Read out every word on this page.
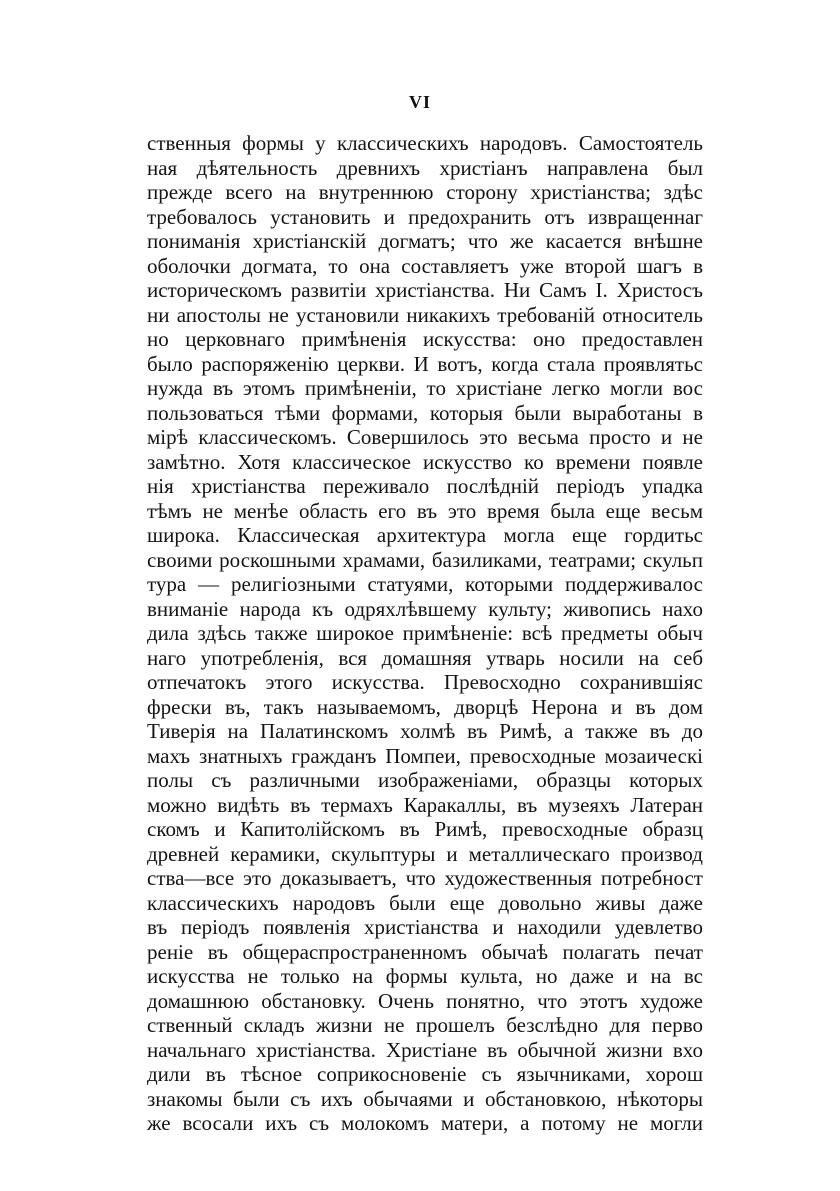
VI
ственныя формы у классическихъ народовъ. Самостоятель
ная дѣятельность древнихъ христіанъ направлена был
прежде всего на внутреннюю сторону христіанства; здѣс
требовалось установить и предохранить отъ извращеннаг
пониманія христіанскій догматъ; что же касается внѣшне
оболочки догмата, то она составляетъ уже второй шагъ в
историческомъ развитіи христіанства. Ни Самъ І. Христосъ
ни апостолы не установили никакихъ требованій относитель
но церковнаго примѣненія искусства: оно предоставлен
было распоряженію церкви. И вотъ, когда стала проявлятьс
нужда въ этомъ примѣненіи, то христіане легко могли вос
пользоваться тѣми формами, которыя были выработаны в
мірѣ классическомъ. Совершилось это весьма просто и не
замѣтно. Хотя классическое искусство ко времени появле
нія христіанства переживало послѣдній періодъ упадка
тѣмъ не менѣе область его въ это время была еще весьм
широка. Классическая архитектура могла еще гордитьс
своими роскошными храмами, базиликами, театрами; скульп
тура — религіозными статуями, которыми поддерживалос
вниманіе народа къ одряхлѣвшему культу; живопись нахо
дила здѣсь также широкое примѣненіе: всѣ предметы обыч
наго употребленія, вся домашняя утварь носили на себ
отпечатокъ этого искусства. Превосходно сохранившіяс
фрески въ, такъ называемомъ, дворцѣ Нерона и въ дом
Тиверія на Палатинскомъ холмѣ въ Римѣ, а также въ до
махъ знатныхъ гражданъ Помпеи, превосходные мозаическі
полы съ различными изображеніами, образцы которых
можно видѣть въ термахъ Каракаллы, въ музеяхъ Латеран
скомъ и Капитолійскомъ въ Римѣ, превосходные образц
древней керамики, скульптуры и металлическаго производ
ства—все это доказываетъ, что художественныя потребност
классическихъ народовъ были еще довольно живы даже
въ періодъ появленія христіанства и находили удевлетво
реніе въ общераспространенномъ обычаѣ полагать печат
искусства не только на формы культа, но даже и на вс
домашнюю обстановку. Очень понятно, что этотъ художе
ственный складъ жизни не прошелъ безслѣдно для перво
начальнаго христіанства. Христіане въ обычной жизни вхо
дили въ тѣсное соприкосновеніе съ язычниками, хорош
знакомы были съ ихъ обычаями и обстановкою, нѣкоторы
же всосали ихъ съ молокомъ матери, а потому не могли
